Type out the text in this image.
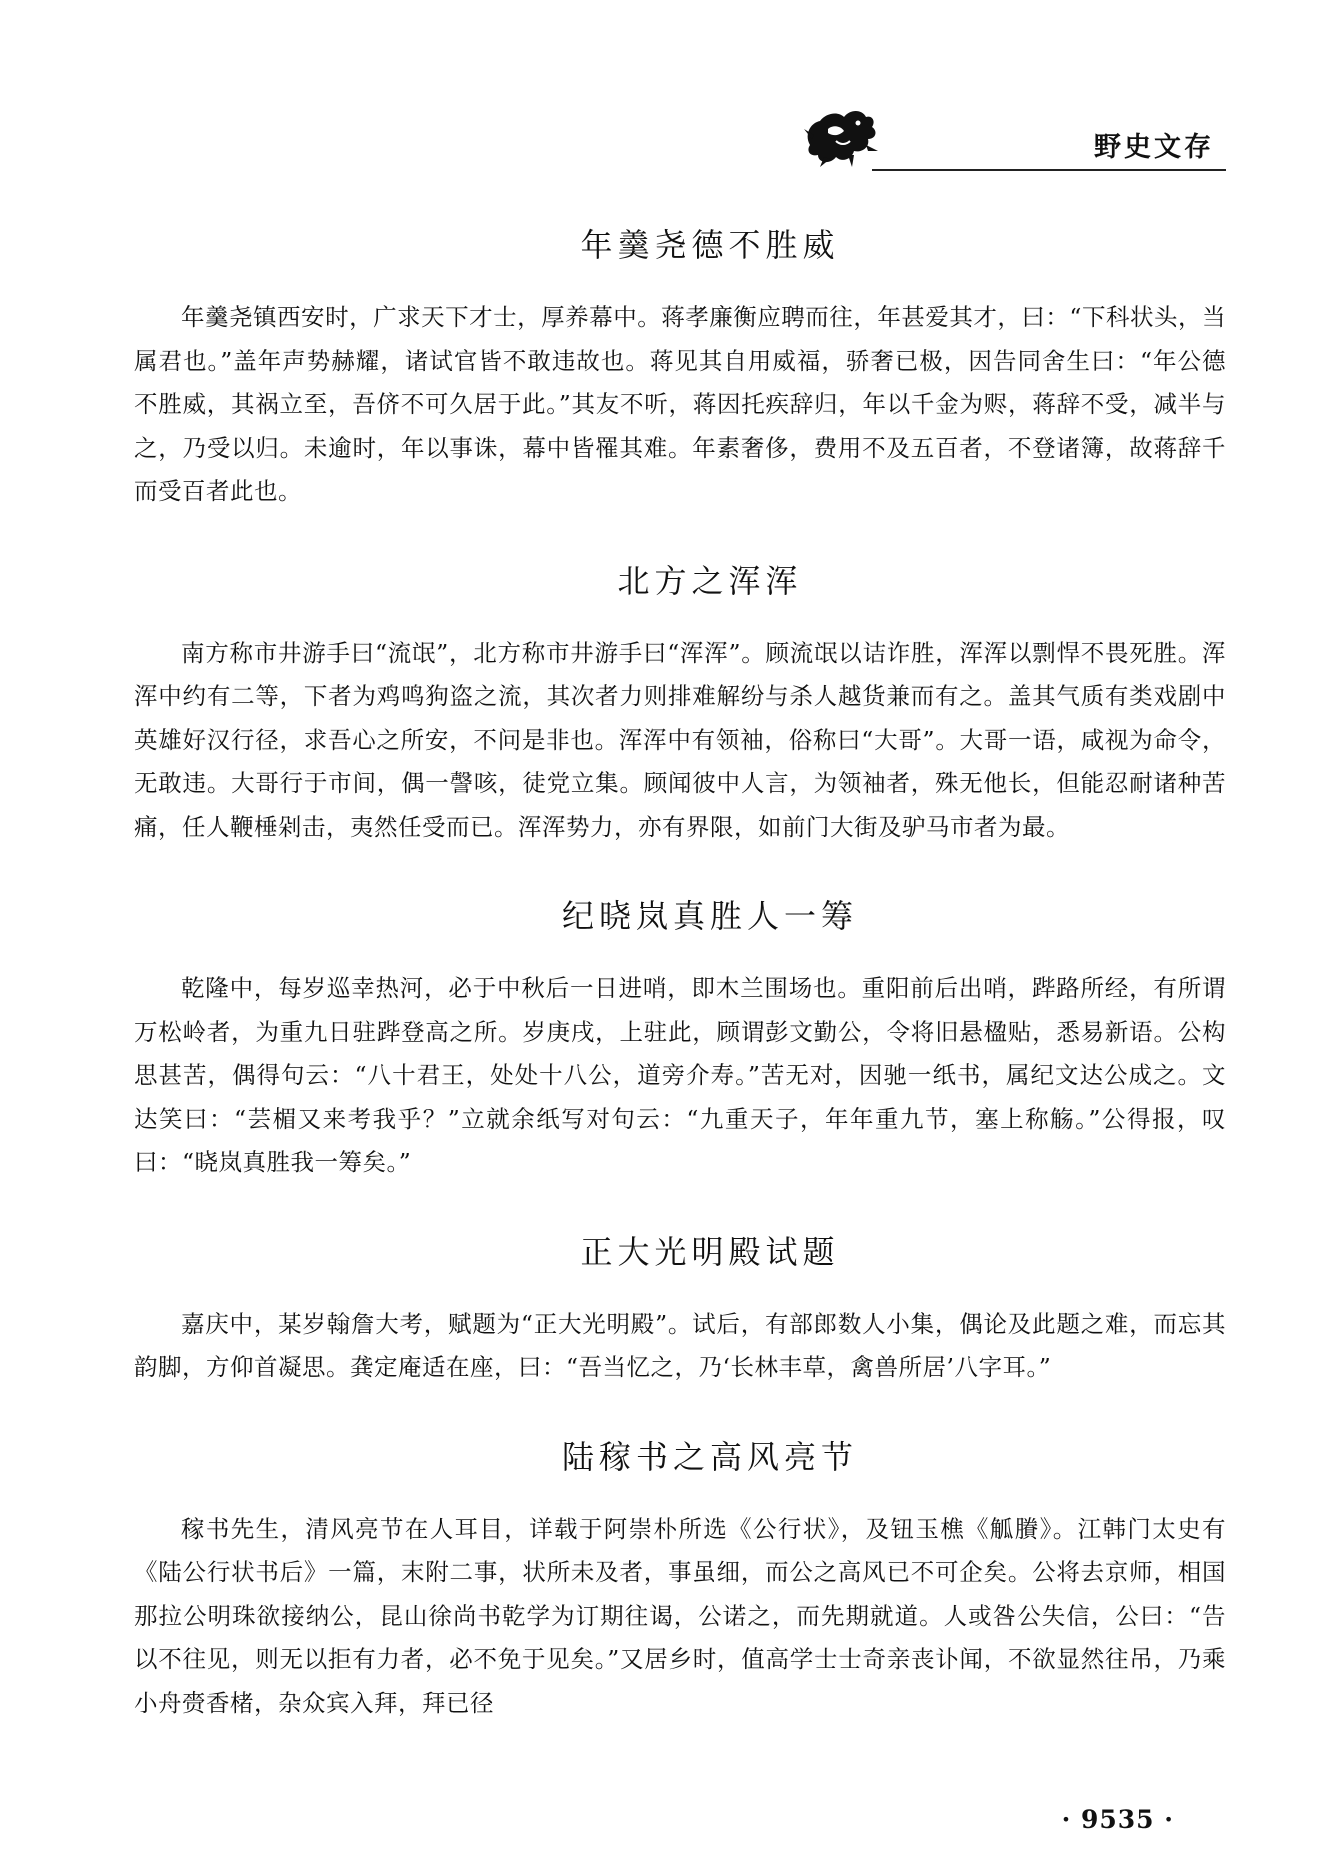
野史文存
年羹尧德不胜威

年羹尧镇西安时，广求天下才士，厚养幕中。蒋孝廉衡应聘而往，年甚爱其才，曰：“下科状头，当属君也。”盖年声势赫耀，诸试官皆不敢违故也。蒋见其自用威福，骄奢已极，因告同舍生曰：“年公德不胜威，其祸立至，吾侪不可久居于此。”其友不听，蒋因托疾辞归，年以千金为赆，蒋辞不受，减半与之，乃受以归。未逾时，年以事诛，幕中皆罹其难。年素奢侈，费用不及五百者，不登诸簿，故蒋辞千而受百者此也。

北方之浑浑

南方称市井游手曰“流氓”，北方称市井游手曰“浑浑”。顾流氓以诘诈胜，浑浑以剽悍不畏死胜。浑浑中约有二等，下者为鸡鸣狗盗之流，其次者力则排难解纷与杀人越货兼而有之。盖其气质有类戏剧中英雄好汉行径，求吾心之所安，不问是非也。浑浑中有领袖，俗称曰“大哥”。大哥一语，咸视为命令，无敢违。大哥行于市间，偶一謦咳，徒党立集。顾闻彼中人言，为领袖者，殊无他长，但能忍耐诸种苦痛，任人鞭棰剁击，夷然任受而已。浑浑势力，亦有界限，如前门大街及驴马市者为最。

纪晓岚真胜人一筹

乾隆中，每岁巡幸热河，必于中秋后一日进哨，即木兰围场也。重阳前后出哨，跸路所经，有所谓万松岭者，为重九日驻跸登高之所。岁庚戌，上驻此，顾谓彭文勤公，令将旧悬楹贴，悉易新语。公构思甚苦，偶得句云：“八十君王，处处十八公，道旁介寿。”苦无对，因驰一纸书，属纪文达公成之。文达笑曰：“芸楣又来考我乎？”立就余纸写对句云：“九重天子，年年重九节，塞上称觞。”公得报，叹曰：“晓岚真胜我一筹矣。”

正大光明殿试题

嘉庆中，某岁翰詹大考，赋题为“正大光明殿”。试后，有部郎数人小集，偶论及此题之难，而忘其韵脚，方仰首凝思。龚定庵适在座，曰：“吾当忆之，乃‘长林丰草，禽兽所居’八字耳。”

陆稼书之高风亮节

稼书先生，清风亮节在人耳目，详载于阿崇朴所选《公行状》，及钮玉樵《觚賸》。江韩门太史有《陆公行状书后》一篇，末附二事，状所未及者，事虽细，而公之高风已不可企矣。公将去京师，相国那拉公明珠欲接纳公，昆山徐尚书乾学为订期往谒，公诺之，而先期就道。人或咎公失信，公曰：“告以不往见，则无以拒有力者，必不免于见矣。”又居乡时，值高学士士奇亲丧讣闻，不欲显然往吊，乃乘小舟赍香楮，杂众宾入拜，拜已径

· 9535 ·
